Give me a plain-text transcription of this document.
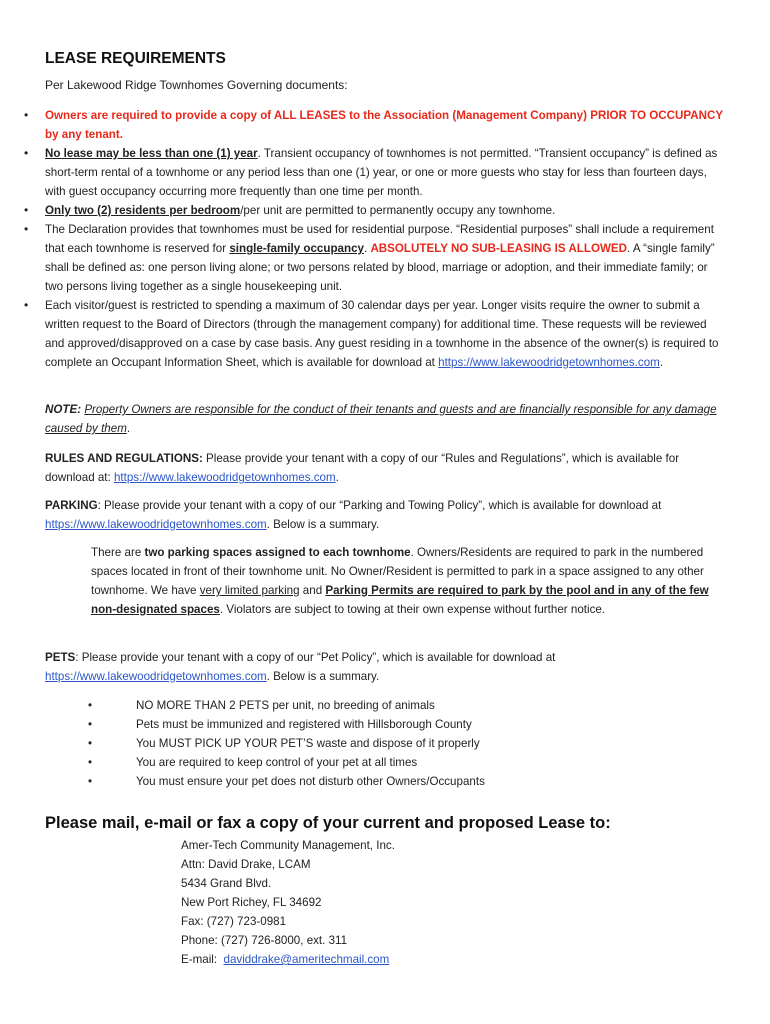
LEASE REQUIREMENTS
Per Lakewood Ridge Townhomes Governing documents:
• Owners are required to provide a copy of ALL LEASES to the Association (Management Company) PRIOR TO OCCUPANCY by any tenant.
• No lease may be less than one (1) year. Transient occupancy of townhomes is not permitted. “Transient occupancy” is defined as short-term rental of a townhome or any period less than one (1) year, or one or more guests who stay for less than fourteen days, with guest occupancy occurring more frequently than one time per month.
• Only two (2) residents per bedroom/per unit are permitted to permanently occupy any townhome.
• The Declaration provides that townhomes must be used for residential purpose. “Residential purposes” shall include a requirement that each townhome is reserved for single-family occupancy. ABSOLUTELY NO SUB-LEASING IS ALLOWED. A “single family” shall be defined as: one person living alone; or two persons related by blood, marriage or adoption, and their immediate family; or two persons living together as a single housekeeping unit.
• Each visitor/guest is restricted to spending a maximum of 30 calendar days per year. Longer visits require the owner to submit a written request to the Board of Directors (through the management company) for additional time. These requests will be reviewed and approved/disapproved on a case by case basis. Any guest residing in a townhome in the absence of the owner(s) is required to complete an Occupant Information Sheet, which is available for download at https://www.lakewoodridgetownhomes.com.
NOTE: Property Owners are responsible for the conduct of their tenants and guests and are financially responsible for any damage caused by them.
RULES AND REGULATIONS: Please provide your tenant with a copy of our “Rules and Regulations”, which is available for download at: https://www.lakewoodridgetownhomes.com.
PARKING: Please provide your tenant with a copy of our “Parking and Towing Policy”, which is available for download at https://www.lakewoodridgetownhomes.com. Below is a summary.
There are two parking spaces assigned to each townhome. Owners/Residents are required to park in the numbered spaces located in front of their townhome unit. No Owner/Resident is permitted to park in a space assigned to any other townhome. We have very limited parking and Parking Permits are required to park by the pool and in any of the few non-designated spaces. Violators are subject to towing at their own expense without further notice.
PETS: Please provide your tenant with a copy of our “Pet Policy”, which is available for download at https://www.lakewoodridgetownhomes.com. Below is a summary.
• NO MORE THAN 2 PETS per unit, no breeding of animals
• Pets must be immunized and registered with Hillsborough County
• You MUST PICK UP YOUR PET’S waste and dispose of it properly
• You are required to keep control of your pet at all times
• You must ensure your pet does not disturb other Owners/Occupants
Please mail, e-mail or fax a copy of your current and proposed Lease to:
Amer-Tech Community Management, Inc.
Attn: David Drake, LCAM
5434 Grand Blvd.
New Port Richey, FL 34692
Fax: (727) 723-0981
Phone: (727) 726-8000, ext. 311
E-mail:  daviddrake@ameritechmail.com
